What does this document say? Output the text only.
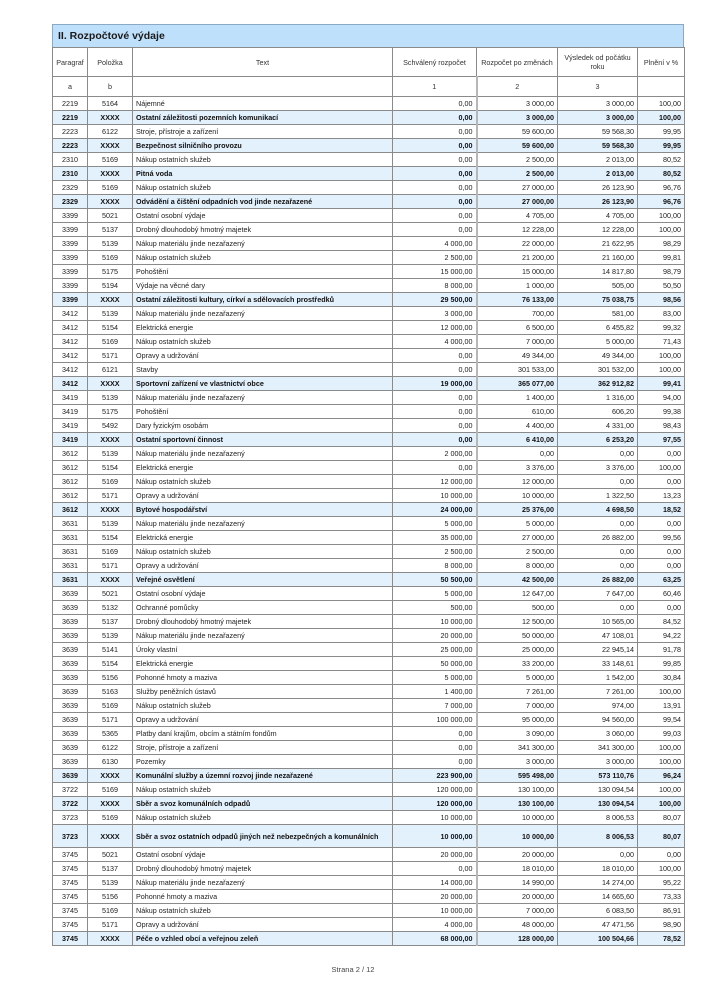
II. Rozpočtové výdaje
Paragraf	Položka	Text	Schválený rozpočet	Rozpočet po změnách	Výsledek od počátku roku	Plnění v %
a	b		1	2	3	
2219	5164	Nájemné	0,00	3 000,00	3 000,00	100,00
2219	XXXX	Ostatní záležitosti pozemních komunikací	0,00	3 000,00	3 000,00	100,00
2223	6122	Stroje, přístroje a zařízení	0,00	59 600,00	59 568,30	99,95
2223	XXXX	Bezpečnost silničního provozu	0,00	59 600,00	59 568,30	99,95
2310	5169	Nákup ostatních služeb	0,00	2 500,00	2 013,00	80,52
2310	XXXX	Pitná voda	0,00	2 500,00	2 013,00	80,52
2329	5169	Nákup ostatních služeb	0,00	27 000,00	26 123,90	96,76
2329	XXXX	Odvádění a čištění odpadních vod jinde nezařazené	0,00	27 000,00	26 123,90	96,76
3399	5021	Ostatní osobní výdaje	0,00	4 705,00	4 705,00	100,00
3399	5137	Drobný dlouhodobý hmotný majetek	0,00	12 228,00	12 228,00	100,00
3399	5139	Nákup materiálu jinde nezařazený	4 000,00	22 000,00	21 622,95	98,29
3399	5169	Nákup ostatních služeb	2 500,00	21 200,00	21 160,00	99,81
3399	5175	Pohoštění	15 000,00	15 000,00	14 817,80	98,79
3399	5194	Výdaje na věcné dary	8 000,00	1 000,00	505,00	50,50
3399	XXXX	Ostatní záležitosti kultury, církví a sdělovacích prostředků	29 500,00	76 133,00	75 038,75	98,56
3412	5139	Nákup materiálu jinde nezařazený	3 000,00	700,00	581,00	83,00
3412	5154	Elektrická energie	12 000,00	6 500,00	6 455,82	99,32
3412	5169	Nákup ostatních služeb	4 000,00	7 000,00	5 000,00	71,43
3412	5171	Opravy a udržování	0,00	49 344,00	49 344,00	100,00
3412	6121	Stavby	0,00	301 533,00	301 532,00	100,00
3412	XXXX	Sportovní zařízení ve vlastnictví obce	19 000,00	365 077,00	362 912,82	99,41
3419	5139	Nákup materiálu jinde nezařazený	0,00	1 400,00	1 316,00	94,00
3419	5175	Pohoštění	0,00	610,00	606,20	99,38
3419	5492	Dary fyzickým osobám	0,00	4 400,00	4 331,00	98,43
3419	XXXX	Ostatní sportovní činnost	0,00	6 410,00	6 253,20	97,55
3612	5139	Nákup materiálu jinde nezařazený	2 000,00	0,00	0,00	0,00
3612	5154	Elektrická energie	0,00	3 376,00	3 376,00	100,00
3612	5169	Nákup ostatních služeb	12 000,00	12 000,00	0,00	0,00
3612	5171	Opravy a udržování	10 000,00	10 000,00	1 322,50	13,23
3612	XXXX	Bytové hospodářství	24 000,00	25 376,00	4 698,50	18,52
3631	5139	Nákup materiálu jinde nezařazený	5 000,00	5 000,00	0,00	0,00
3631	5154	Elektrická energie	35 000,00	27 000,00	26 882,00	99,56
3631	5169	Nákup ostatních služeb	2 500,00	2 500,00	0,00	0,00
3631	5171	Opravy a udržování	8 000,00	8 000,00	0,00	0,00
3631	XXXX	Veřejné osvětlení	50 500,00	42 500,00	26 882,00	63,25
3639	5021	Ostatní osobní výdaje	5 000,00	12 647,00	7 647,00	60,46
3639	5132	Ochranné pomůcky	500,00	500,00	0,00	0,00
3639	5137	Drobný dlouhodobý hmotný majetek	10 000,00	12 500,00	10 565,00	84,52
3639	5139	Nákup materiálu jinde nezařazený	20 000,00	50 000,00	47 108,01	94,22
3639	5141	Úroky vlastní	25 000,00	25 000,00	22 945,14	91,78
3639	5154	Elektrická energie	50 000,00	33 200,00	33 148,61	99,85
3639	5156	Pohonné hmoty a maziva	5 000,00	5 000,00	1 542,00	30,84
3639	5163	Služby peněžních ústavů	1 400,00	7 261,00	7 261,00	100,00
3639	5169	Nákup ostatních služeb	7 000,00	7 000,00	974,00	13,91
3639	5171	Opravy a udržování	100 000,00	95 000,00	94 560,00	99,54
3639	5365	Platby daní krajům, obcím a státním fondům	0,00	3 090,00	3 060,00	99,03
3639	6122	Stroje, přístroje a zařízení	0,00	341 300,00	341 300,00	100,00
3639	6130	Pozemky	0,00	3 000,00	3 000,00	100,00
3639	XXXX	Komunální služby a územní rozvoj jinde nezařazené	223 900,00	595 498,00	573 110,76	96,24
3722	5169	Nákup ostatních služeb	120 000,00	130 100,00	130 094,54	100,00
3722	XXXX	Sběr a svoz komunálních odpadů	120 000,00	130 100,00	130 094,54	100,00
3723	5169	Nákup ostatních služeb	10 000,00	10 000,00	8 006,53	80,07
3723	XXXX	Sběr a svoz ostatních odpadů jiných než nebezpečných a komunálních	10 000,00	10 000,00	8 006,53	80,07
3745	5021	Ostatní osobní výdaje	20 000,00	20 000,00	0,00	0,00
3745	5137	Drobný dlouhodobý hmotný majetek	0,00	18 010,00	18 010,00	100,00
3745	5139	Nákup materiálu jinde nezařazený	14 000,00	14 990,00	14 274,00	95,22
3745	5156	Pohonné hmoty a maziva	20 000,00	20 000,00	14 665,60	73,33
3745	5169	Nákup ostatních služeb	10 000,00	7 000,00	6 083,50	86,91
3745	5171	Opravy a udržování	4 000,00	48 000,00	47 471,56	98,90
3745	XXXX	Péče o vzhled obcí a veřejnou zeleň	68 000,00	128 000,00	100 504,66	78,52
Strana 2 / 12
